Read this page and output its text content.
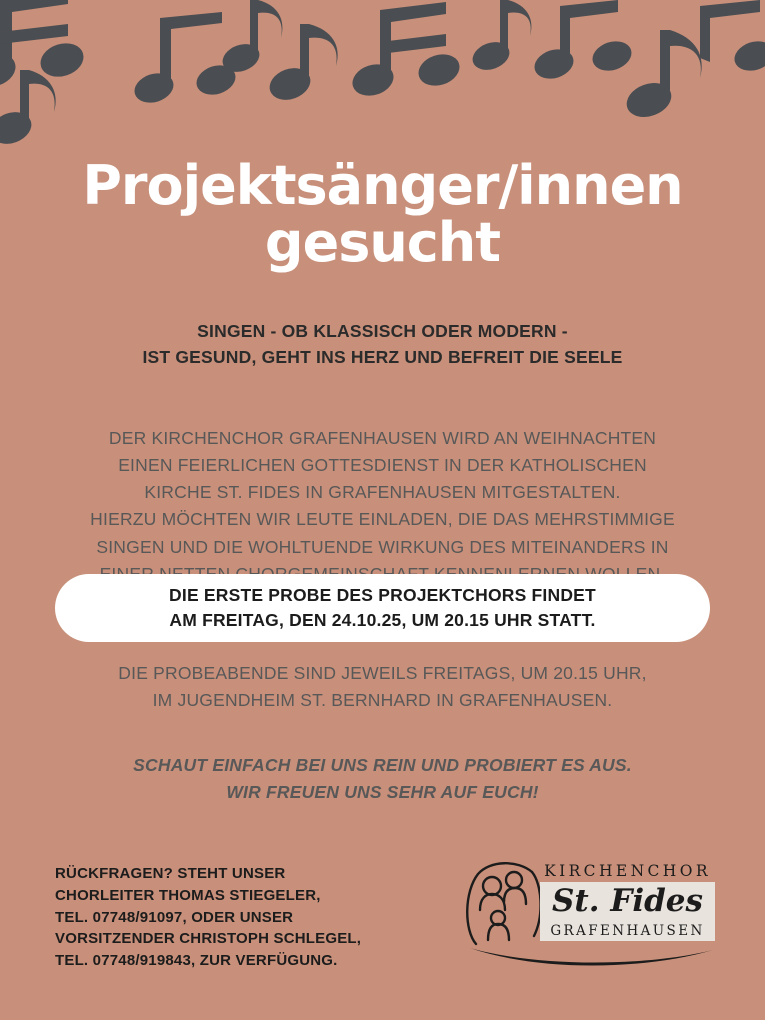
Projektsänger/innen
gesucht
SINGEN - OB KLASSISCH ODER MODERN -
IST GESUND, GEHT INS HERZ UND BEFREIT DIE SEELE
DER KIRCHENCHOR GRAFENHAUSEN WIRD AN WEIHNACHTEN
EINEN FEIERLICHEN GOTTESDIENST IN DER KATHOLISCHEN
KIRCHE ST. FIDES IN GRAFENHAUSEN MITGESTALTEN.
HIERZU MÖCHTEN WIR LEUTE EINLADEN, DIE DAS MEHRSTIMMIGE
SINGEN UND DIE WOHLTUENDE WIRKUNG DES MITEINANDERS IN
DIE ERSTE PROBE DES PROJEKTCHORS FINDET
AM FREITAG, DEN 24.10.25, UM 20.15 UHR STATT.
DIE PROBEABENDE SIND JEWEILS FREITAGS, UM 20.15 UHR,
IM JUGENDHEIM ST. BERNHARD IN GRAFENHAUSEN.
SCHAUT EINFACH BEI UNS REIN UND PROBIERT ES AUS.
WIR FREUEN UNS SEHR AUF EUCH!
RÜCKFRAGEN? STEHT UNSER
CHORLEITER THOMAS STIEGELER,
TEL. 07748/91097, ODER UNSER
VORSITZENDER CHRISTOPH SCHLEGEL,
TEL. 07748/919843, ZUR VERFÜGUNG.
KIRCHENCHOR
St. Fides
GRAFENHAUSEN
